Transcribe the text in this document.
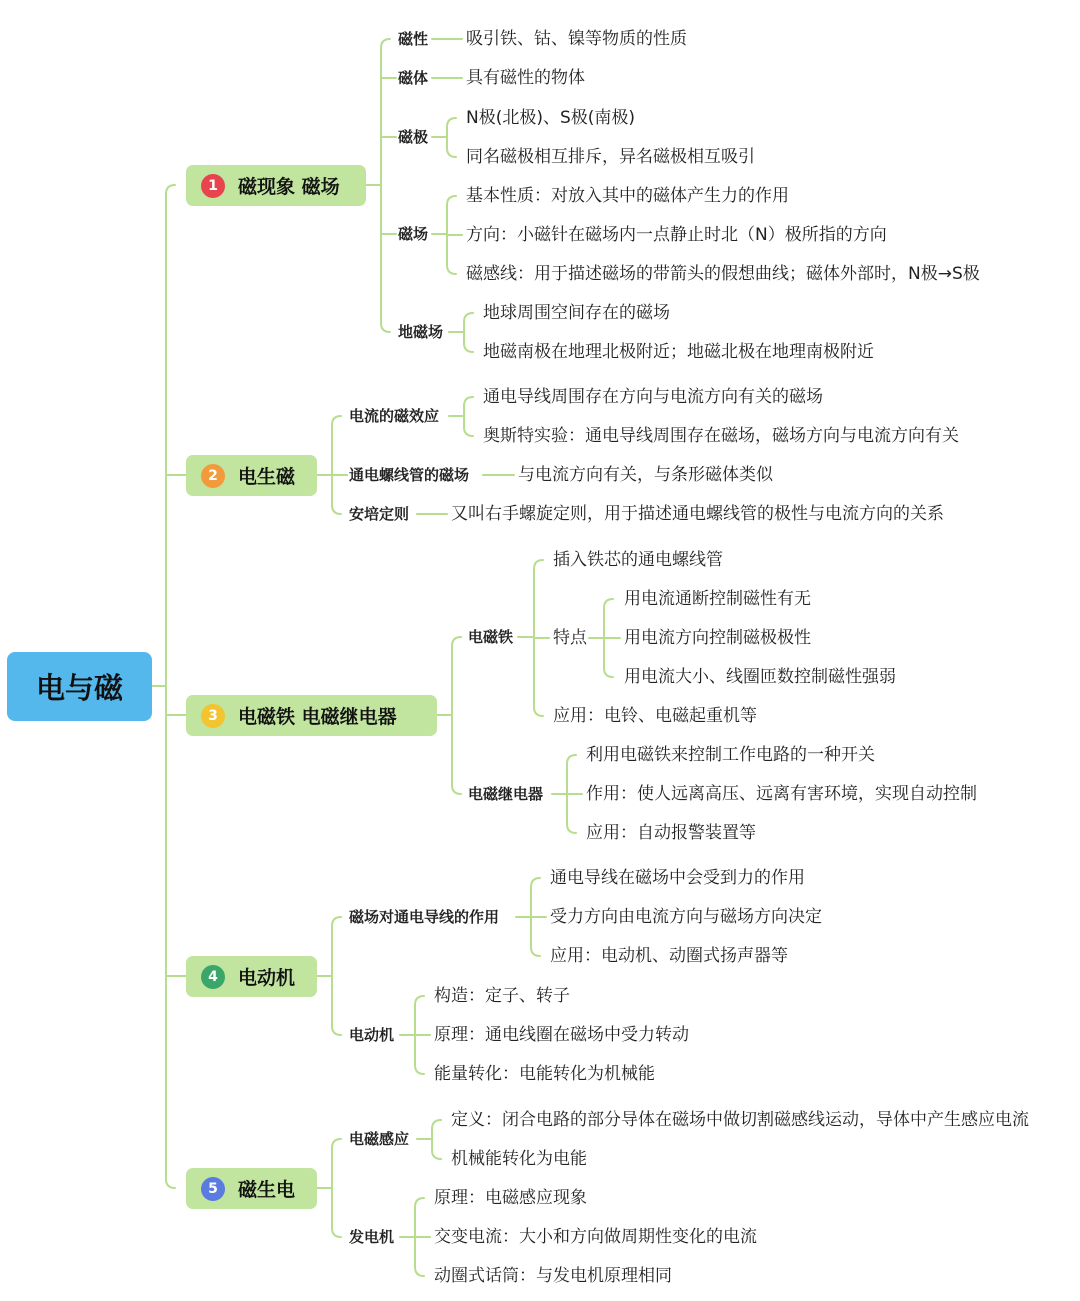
电与磁
1	磁现象 磁场
2	电生磁
3	电磁铁 电磁继电器
4	电动机
5	磁生电
磁性 吸引铁、钴、镍等物质的性质
磁体 具有磁性的物体
磁极
N极(北极)、S极(南极)
同名磁极相互排斥，异名磁极相互吸引
磁场
基本性质：对放入其中的磁体产生力的作用
方向：小磁针在磁场内一点静止时北（N）极所指的方向
磁感线：用于描述磁场的带箭头的假想曲线；磁体外部时，N极→S极
地磁场
地球周围空间存在的磁场
地磁南极在地理北极附近；地磁北极在地理南极附近
电流的磁效应
通电导线周围存在方向与电流方向有关的磁场
奥斯特实验：通电导线周围存在磁场，磁场方向与电流方向有关
通电螺线管的磁场	与电流方向有关，与条形磁体类似
安培定则 又叫右手螺旋定则，用于描述通电螺线管的极性与电流方向的关系
电磁铁
插入铁芯的通电螺线管
特点
用电流通断控制磁性有无
用电流方向控制磁极极性
用电流大小、线圈匝数控制磁性强弱
应用：电铃、电磁起重机等
电磁继电器
利用电磁铁来控制工作电路的一种开关
作用：使人远离高压、远离有害环境，实现自动控制
应用：自动报警装置等
磁场对通电导线的作用
通电导线在磁场中会受到力的作用
受力方向由电流方向与磁场方向决定
应用：电动机、动圈式扬声器等
电动机
构造：定子、转子
原理：通电线圈在磁场中受力转动
能量转化：电能转化为机械能
电磁感应
定义：闭合电路的部分导体在磁场中做切割磁感线运动，导体中产生感应电流
机械能转化为电能
发电机
原理：电磁感应现象
交变电流：大小和方向做周期性变化的电流
动圈式话筒：与发电机原理相同
